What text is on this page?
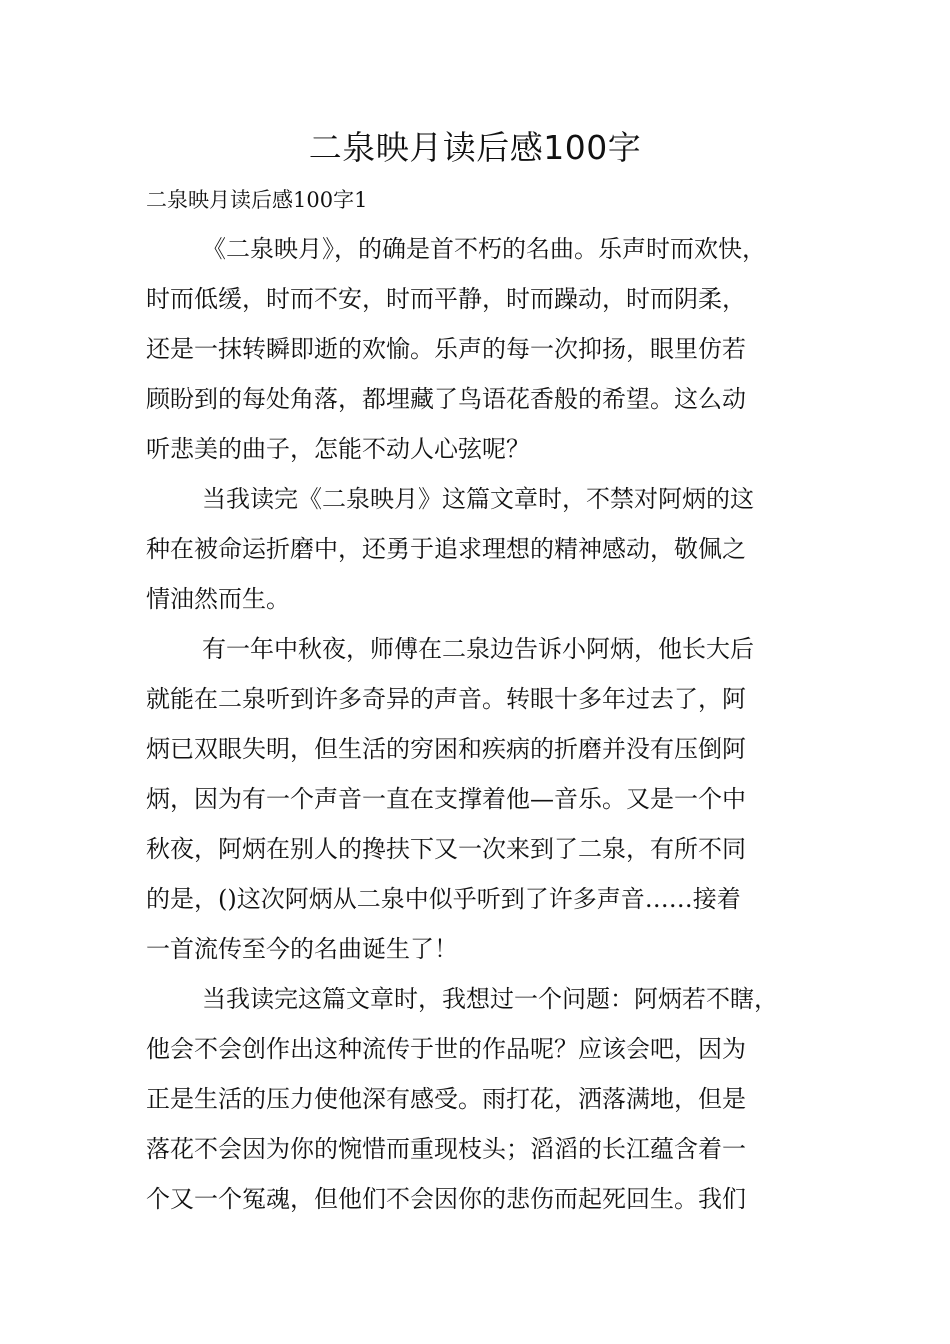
二泉映月读后感100字
二泉映月读后感100字1

《二泉映月》，的确是首不朽的名曲。乐声时而欢快，
时而低缓，时而不安，时而平静，时而躁动，时而阴柔，
还是一抹转瞬即逝的欢愉。乐声的每一次抑扬，眼里仿若
顾盼到的每处角落，都埋藏了鸟语花香般的希望。这么动
听悲美的曲子，怎能不动人心弦呢？

当我读完《二泉映月》这篇文章时，不禁对阿炳的这
种在被命运折磨中，还勇于追求理想的精神感动，敬佩之
情油然而生。

有一年中秋夜，师傅在二泉边告诉小阿炳，他长大后
就能在二泉听到许多奇异的声音。转眼十多年过去了，阿
炳已双眼失明，但生活的穷困和疾病的折磨并没有压倒阿
炳，因为有一个声音一直在支撑着他—音乐。又是一个中
秋夜，阿炳在别人的搀扶下又一次来到了二泉，有所不同
的是，()这次阿炳从二泉中似乎听到了许多声音……接着
一首流传至今的名曲诞生了！

当我读完这篇文章时，我想过一个问题：阿炳若不瞎，
他会不会创作出这种流传于世的作品呢？应该会吧，因为
正是生活的压力使他深有感受。雨打花，洒落满地，但是
落花不会因为你的惋惜而重现枝头；滔滔的长江蕴含着一
个又一个冤魂，但他们不会因你的悲伤而起死回生。我们
